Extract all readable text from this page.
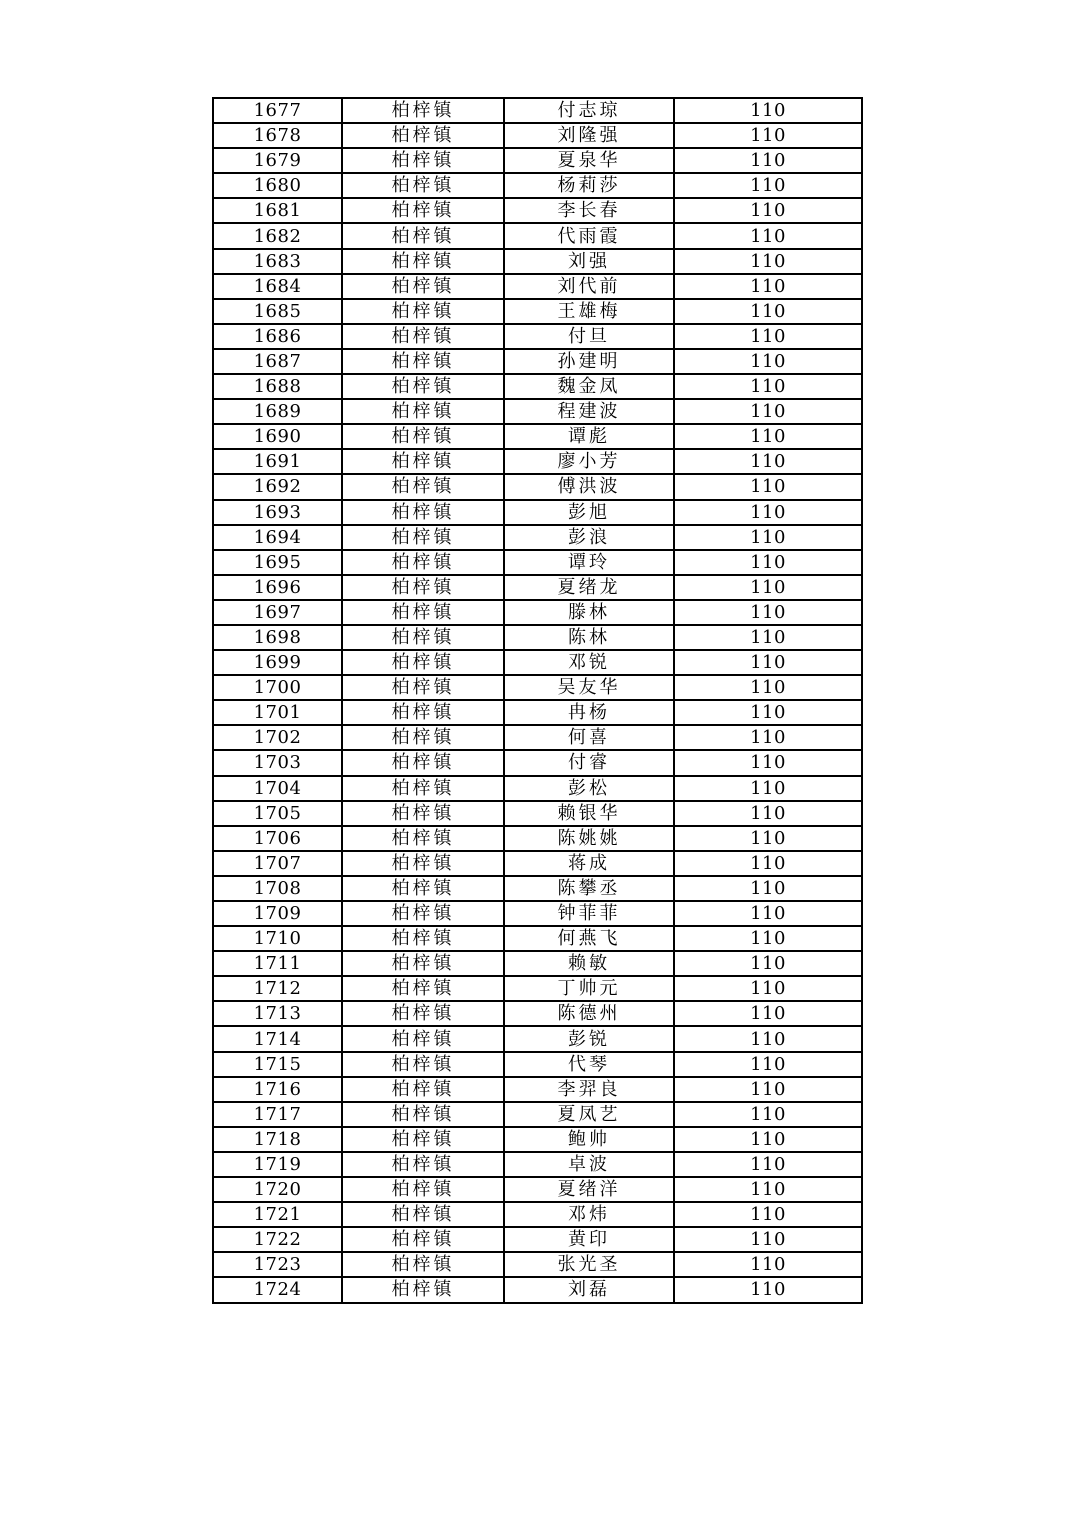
1677	柏梓镇	付志琼	110
1678	柏梓镇	刘隆强	110
1679	柏梓镇	夏泉华	110
1680	柏梓镇	杨莉莎	110
1681	柏梓镇	李长春	110
1682	柏梓镇	代雨霞	110
1683	柏梓镇	刘强	110
1684	柏梓镇	刘代前	110
1685	柏梓镇	王雄梅	110
1686	柏梓镇	付旦	110
1687	柏梓镇	孙建明	110
1688	柏梓镇	魏金凤	110
1689	柏梓镇	程建波	110
1690	柏梓镇	谭彪	110
1691	柏梓镇	廖小芳	110
1692	柏梓镇	傅洪波	110
1693	柏梓镇	彭旭	110
1694	柏梓镇	彭浪	110
1695	柏梓镇	谭玲	110
1696	柏梓镇	夏绪龙	110
1697	柏梓镇	滕林	110
1698	柏梓镇	陈林	110
1699	柏梓镇	邓锐	110
1700	柏梓镇	吴友华	110
1701	柏梓镇	冉杨	110
1702	柏梓镇	何喜	110
1703	柏梓镇	付睿	110
1704	柏梓镇	彭松	110
1705	柏梓镇	赖银华	110
1706	柏梓镇	陈姚姚	110
1707	柏梓镇	蒋成	110
1708	柏梓镇	陈攀丞	110
1709	柏梓镇	钟菲菲	110
1710	柏梓镇	何燕飞	110
1711	柏梓镇	赖敏	110
1712	柏梓镇	丁帅元	110
1713	柏梓镇	陈德州	110
1714	柏梓镇	彭锐	110
1715	柏梓镇	代琴	110
1716	柏梓镇	李羿良	110
1717	柏梓镇	夏凤艺	110
1718	柏梓镇	鲍帅	110
1719	柏梓镇	卓波	110
1720	柏梓镇	夏绪洋	110
1721	柏梓镇	邓炜	110
1722	柏梓镇	黄印	110
1723	柏梓镇	张光圣	110
1724	柏梓镇	刘磊	110
